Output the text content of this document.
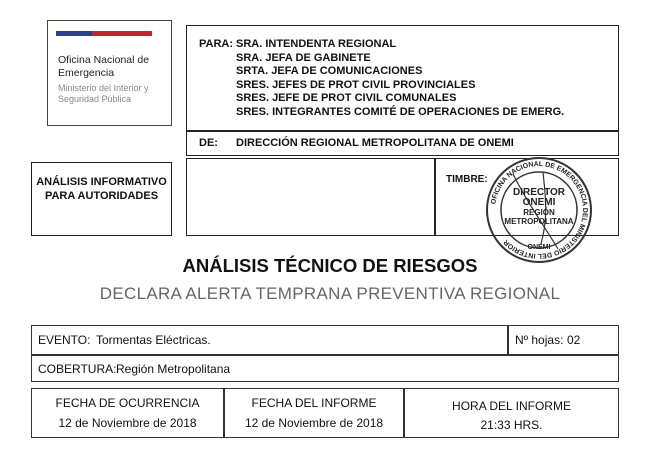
Oficina Nacional de Emergencia
Ministerio del Interior y Seguridad Pública
PARA: SRA. INTENDENTA REGIONAL
SRA. JEFA DE GABINETE
SRTA. JEFA DE COMUNICACIONES
SRES. JEFES DE PROT CIVIL PROVINCIALES
SRES. JEFE DE PROT CIVIL COMUNALES
SRES. INTEGRANTES COMITÉ DE OPERACIONES DE EMERG.
DE: DIRECCIÓN REGIONAL METROPOLITANA DE ONEMI
ANÁLISIS INFORMATIVO PARA AUTORIDADES
TIMBRE:
OFICINA NACIONAL DE EMERGENCIA DEL MINISTERIO DEL INTERIOR
DIRECTOR
ONEMI
REGIÓN
METROPOLITANA
ONEMI
ANÁLISIS TÉCNICO DE RIESGOS
DECLARA ALERTA TEMPRANA PREVENTIVA REGIONAL
EVENTO: Tormentas Eléctricas.	Nº hojas: 02
COBERTURA: Región Metropolitana
FECHA DE OCURRENCIA
12 de Noviembre de 2018
FECHA DEL INFORME
12 de Noviembre de 2018
HORA DEL INFORME
21:33 HRS.
